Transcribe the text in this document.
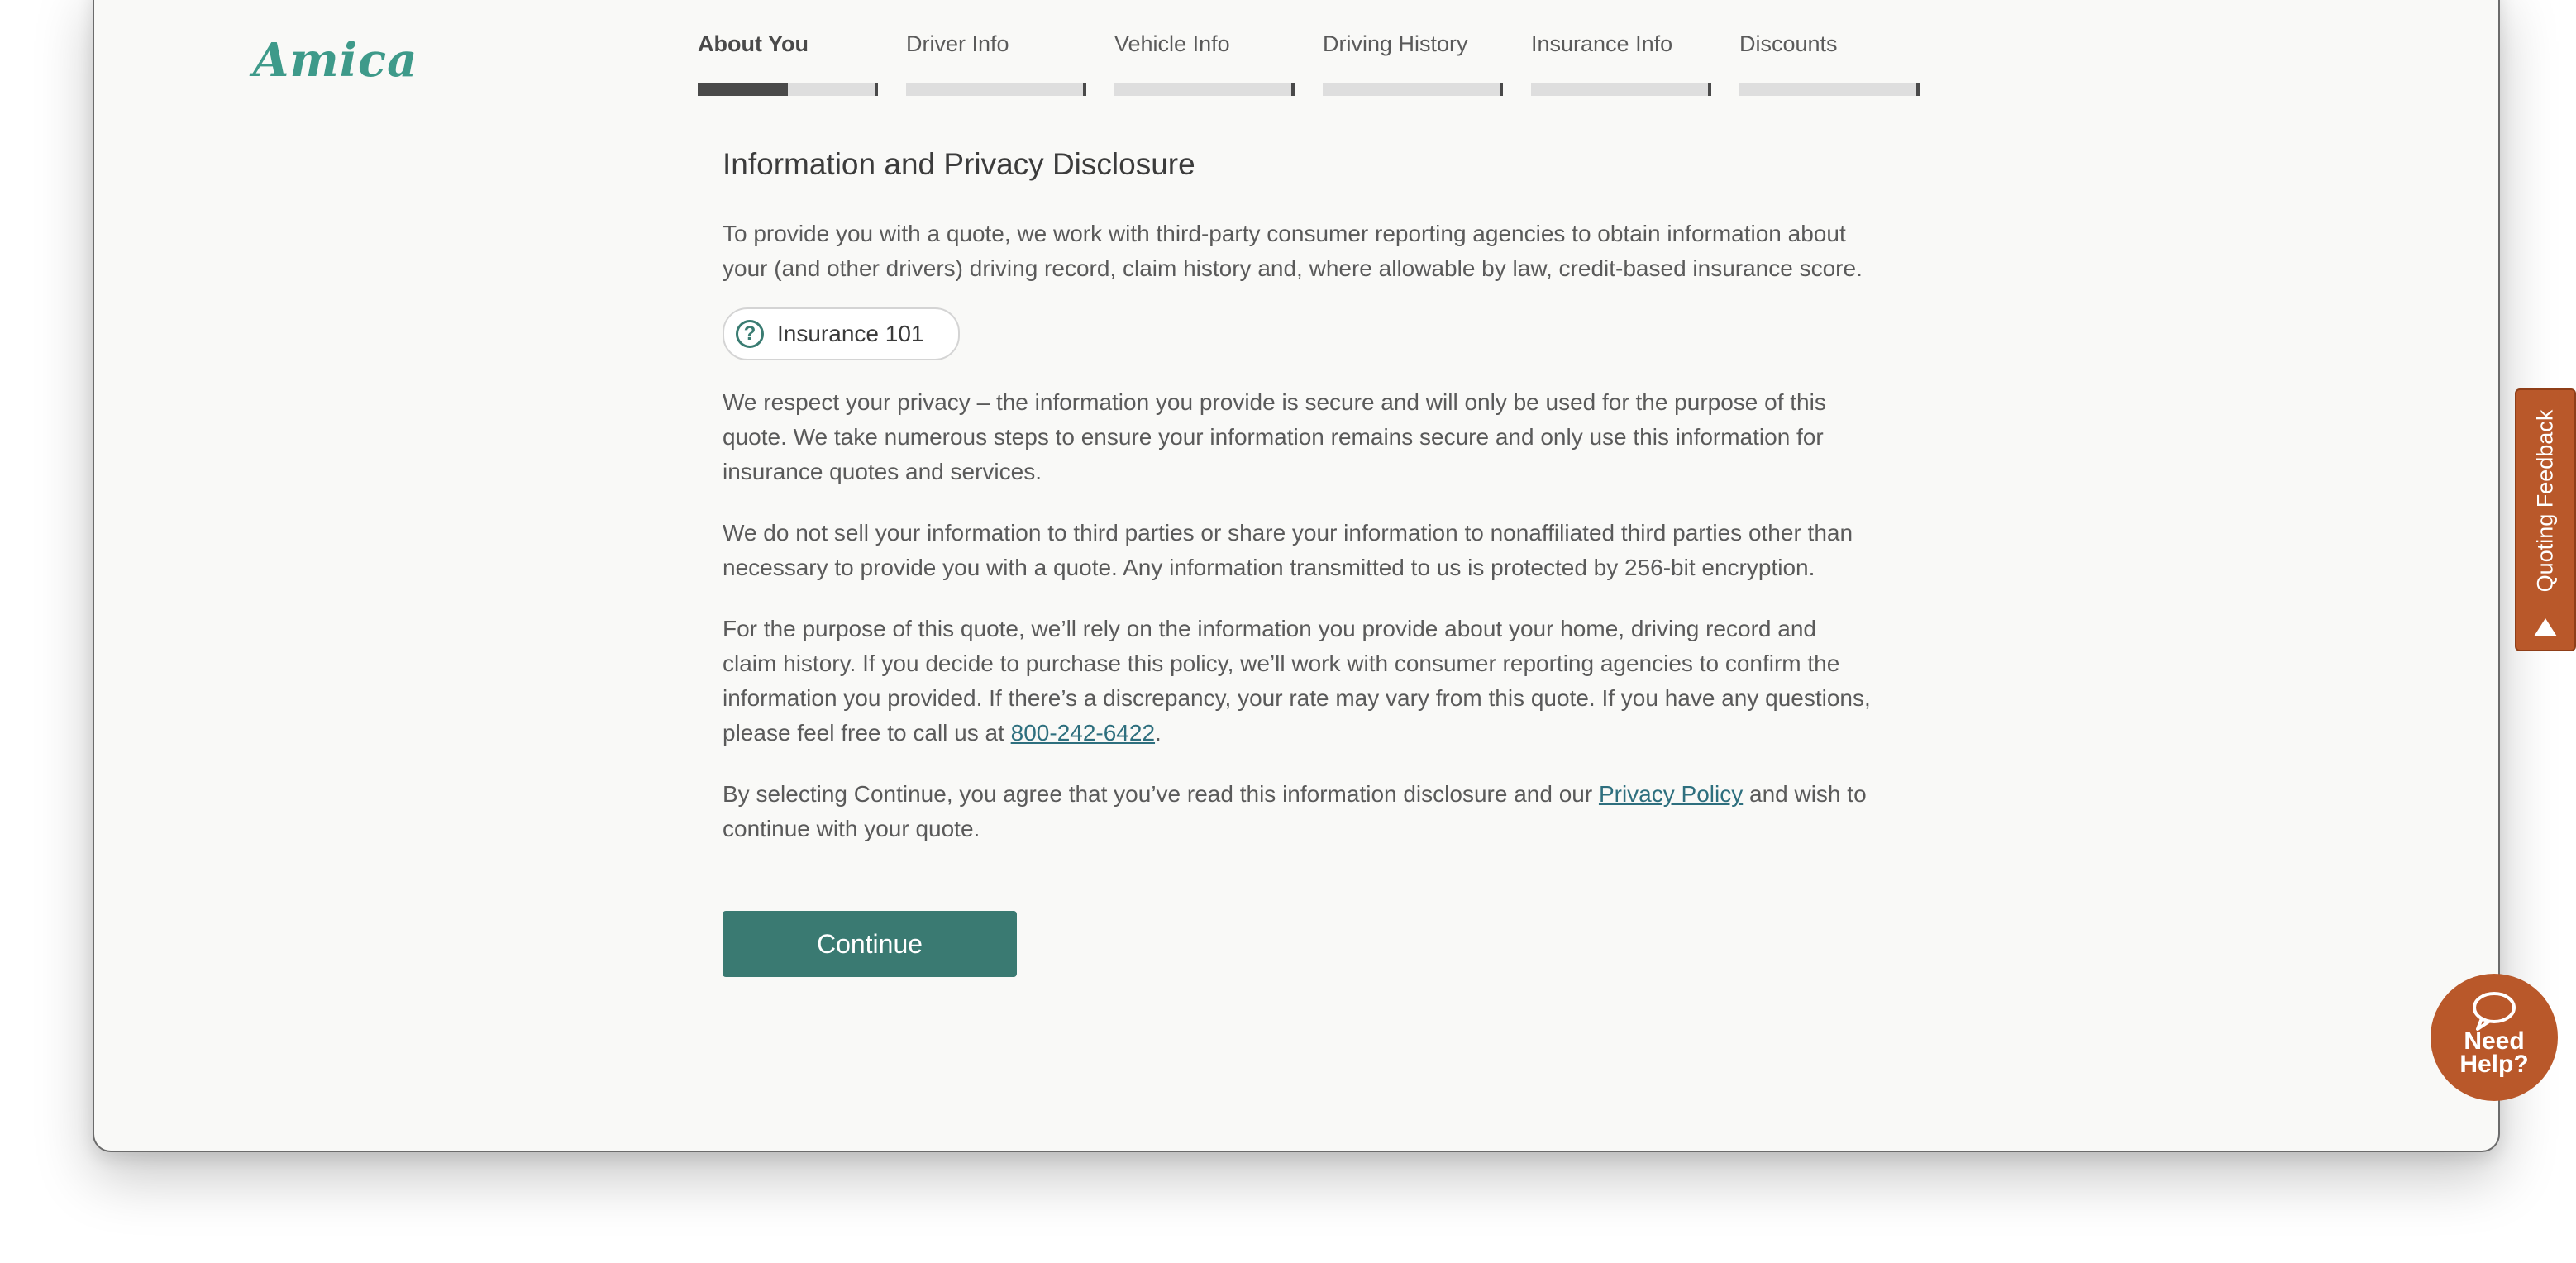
Amica	About You	Driver Info	Vehicle Info	Driving History	Insurance Info	Discounts
Information and Privacy Disclosure

To provide you with a quote, we work with third-party consumer reporting agencies to obtain information about your (and other drivers) driving record, claim history and, where allowable by law, credit-based insurance score.

? Insurance 101

We respect your privacy – the information you provide is secure and will only be used for the purpose of this quote. We take numerous steps to ensure your information remains secure and only use this information for insurance quotes and services.

We do not sell your information to third parties or share your information to nonaffiliated third parties other than necessary to provide you with a quote. Any information transmitted to us is protected by 256-bit encryption.

For the purpose of this quote, we’ll rely on the information you provide about your home, driving record and claim history. If you decide to purchase this policy, we’ll work with consumer reporting agencies to confirm the information you provided. If there’s a discrepancy, your rate may vary from this quote. If you have any questions, please feel free to call us at 800-242-6422.

By selecting Continue, you agree that you’ve read this information disclosure and our Privacy Policy and wish to continue with your quote.

Continue
Quoting Feedback
Need
Help?
